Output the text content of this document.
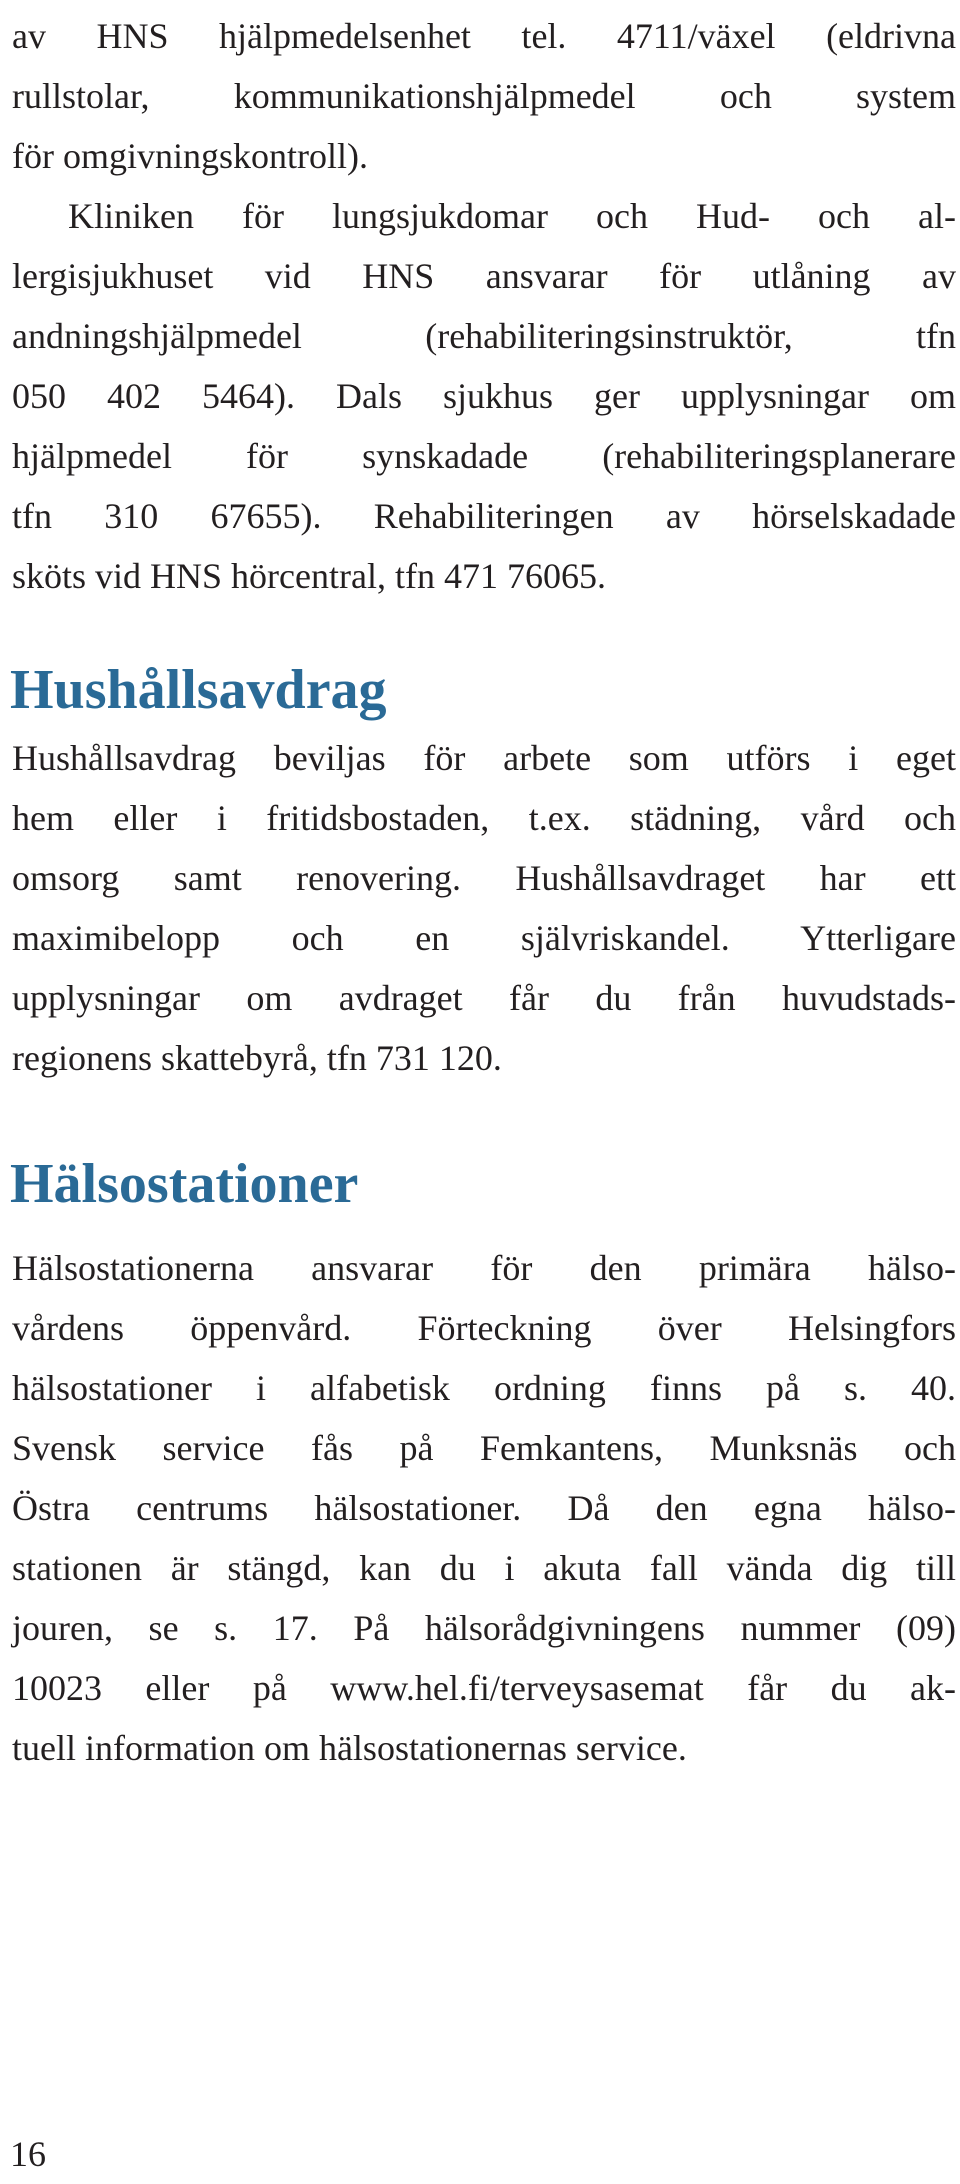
av HNS hjälpmedelsenhet tel. 4711/växel (eldrivna
rullstolar, kommunikationshjälpmedel och system
för omgivningskontroll).
Kliniken för lungsjukdomar och Hud- och al-
lergisjukhuset vid HNS ansvarar för utlåning av
andningshjälpmedel (rehabiliteringsinstruktör, tfn
050 402 5464). Dals sjukhus ger upplysningar om
hjälpmedel för synskadade (rehabiliteringsplanerare
tfn 310 67655). Rehabiliteringen av hörselskadade
sköts vid HNS hörcentral, tfn 471 76065.
Hushållsavdrag
Hushållsavdrag beviljas för arbete som utförs i eget
hem eller i fritidsbostaden, t.ex. städning, vård och
omsorg samt renovering. Hushållsavdraget har ett
maximibelopp och en självriskandel. Ytterligare
upplysningar om avdraget får du från huvudstads-
regionens skattebyrå, tfn 731 120.
Hälsostationer
Hälsostationerna ansvarar för den primära hälso-
vårdens öppenvård. Förteckning över Helsingfors
hälsostationer i alfabetisk ordning finns på s. 40.
Svensk service fås på Femkantens, Munksnäs och
Östra centrums hälsostationer. Då den egna hälso-
stationen är stängd, kan du i akuta fall vända dig till
jouren, se s. 17. På hälsorådgivningens nummer (09)
10023 eller på www.hel.fi/terveysasemat får du ak-
tuell information om hälsostationernas service.
16
